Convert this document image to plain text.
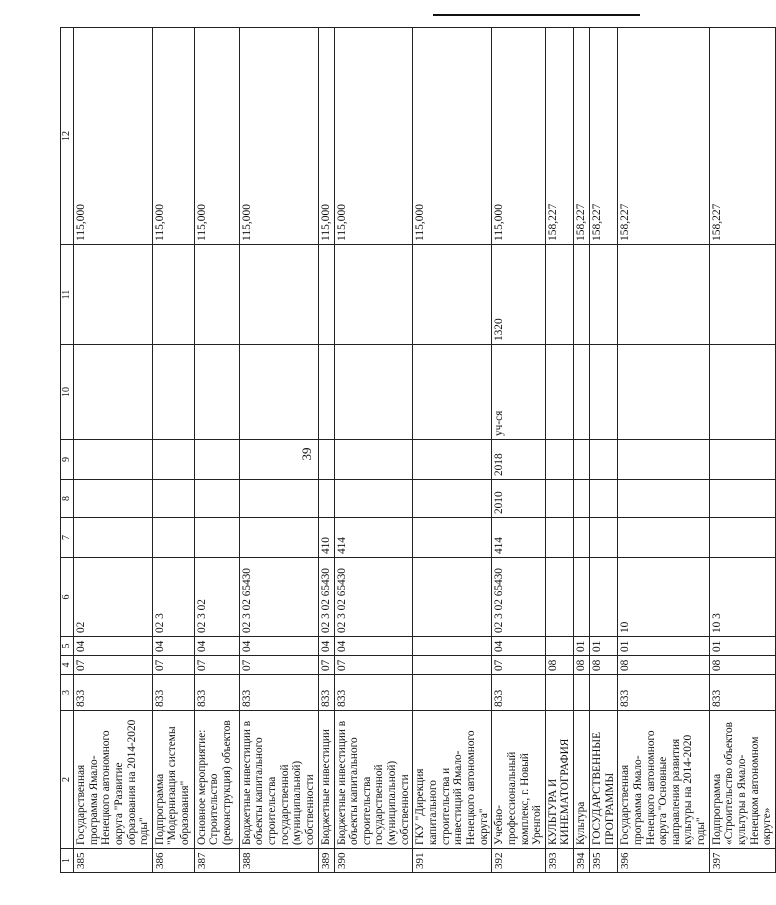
39
1	2	3	4	5	6	7	8	9	10	11	12
385	Государственная программа Ямало-Ненецкого автономного округа "Развитие образования на 2014-2020 годы"	833	07	04	02						115,000
386	Подпрограмма "Модернизация системы образования"	833	07	04	02 3						115,000
387	Основное мероприятие: Строительство (реконструкция) объектов	833	07	04	02 3 02						115,000
388	Бюджетные инвестиции в объекты капитального строительства государственной (муниципальной) собственности	833	07	04	02 3 02 65430						115,000
389	Бюджетные инвестиции	833	07	04	02 3 02 65430	410					115,000
390	Бюджетные инвестиции в объекты капитального строительства государственной (муниципальной) собственности	833	07	04	02 3 02 65430	414					115,000
391	ГКУ "Дирекция капитального строительства и инвестиций Ямало-Ненецкого автономного округа"										115,000
392	Учебно-профессиональный комплекс, г. Новый Уренгой	833	07	04	02 3 02 65430	414	2010	2018	уч-ся	1320	115,000
393	КУЛЬТУРА И КИНЕМАТОГРАФИЯ		08								158,227
394	Культура		08	01							158,227
395	ГОСУДАРСТВЕННЫЕ ПРОГРАММЫ		08	01							158,227
396	Государственная программа Ямало-Ненецкого автономного округа "Основные направления развития культуры на 2014-2020 годы"	833	08	01	10						158,227
397	Подпрограмма «Строительство объектов культуры в Ямало-Ненецком автономном округе»	833	08	01	10 3						158,227
